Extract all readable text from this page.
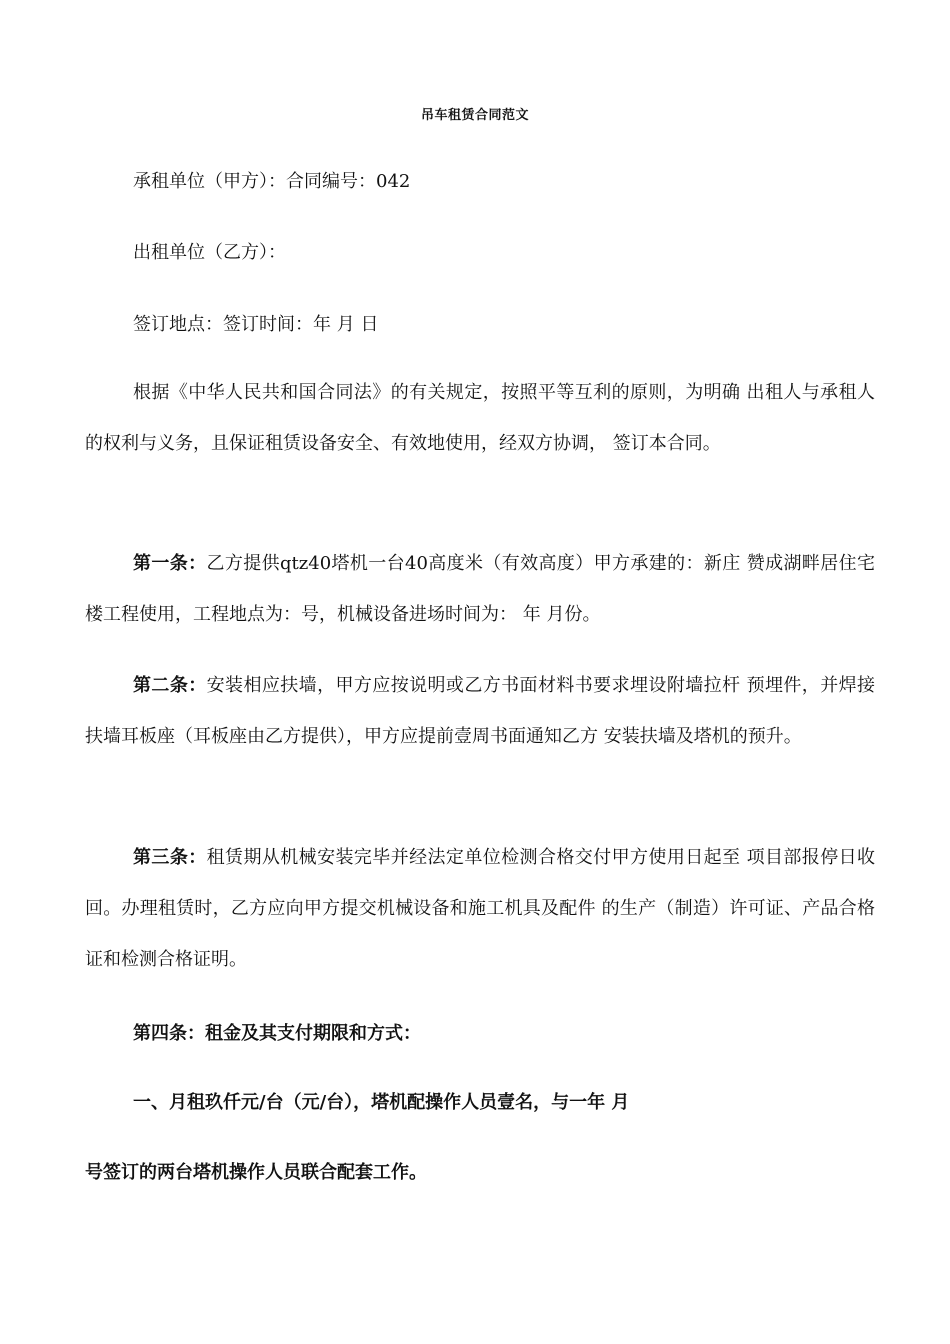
吊车租赁合同范文
承租单位（甲方）：合同编号：042
出租单位（乙方）：
签订地点：签订时间：年 月 日
根据《中华人民共和国合同法》的有关规定，按照平等互利的原则，为明确 出租人与承租人的权利与义务，且保证租赁设备安全、有效地使用，经双方协调， 签订本合同。
第一条：乙方提供qtz40塔机一台40高度米（有效高度）甲方承建的：新庄 赞成湖畔居住宅楼工程使用，工程地点为：号，机械设备进场时间为： 年 月份。
第二条：安装相应扶墙，甲方应按说明或乙方书面材料书要求埋设附墙拉杆 预埋件，并焊接扶墙耳板座（耳板座由乙方提供），甲方应提前壹周书面通知乙方 安装扶墙及塔机的预升。
第三条：租赁期从机械安装完毕并经法定单位检测合格交付甲方使用日起至 项目部报停日收回。办理租赁时，乙方应向甲方提交机械设备和施工机具及配件 的生产（制造）许可证、产品合格证和检测合格证明。
第四条：租金及其支付期限和方式：
一、月租玖仟元/台（元/台），塔机配操作人员壹名，与一年 月
号签订的两台塔机操作人员联合配套工作。
